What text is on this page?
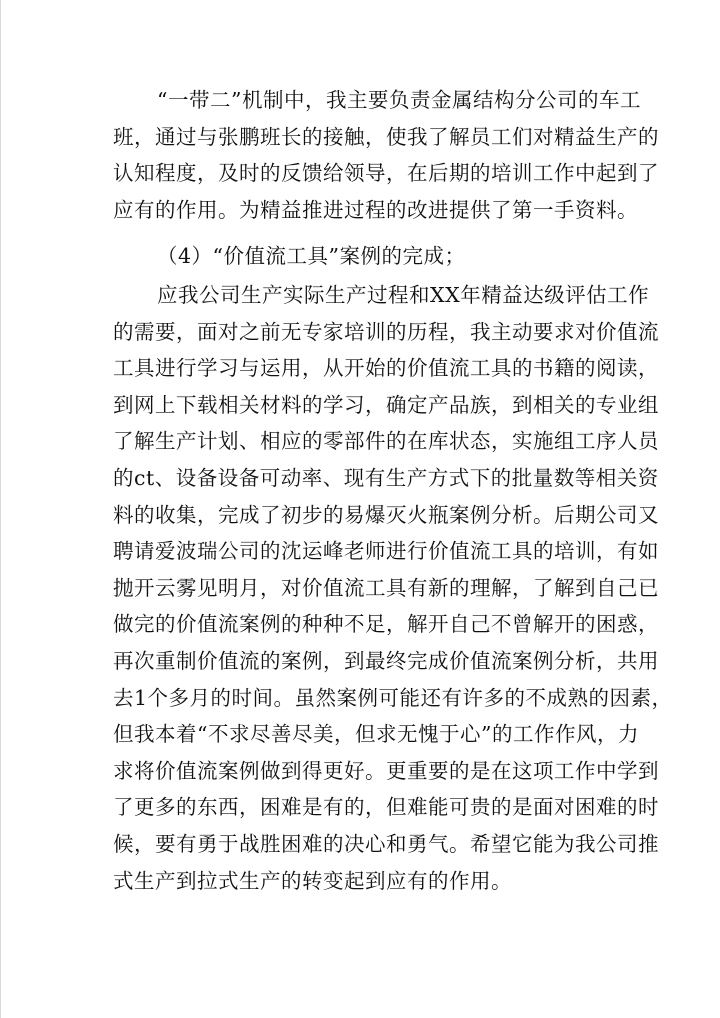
“一带二”机制中，我主要负责金属结构分公司的车工
班，通过与张鹏班长的接触，使我了解员工们对精益生产的
认知程度，及时的反馈给领导，在后期的培训工作中起到了
应有的作用。为精益推进过程的改进提供了第一手资料。
（4）“价值流工具”案例的完成；
应我公司生产实际生产过程和XX年精益达级评估工作
的需要，面对之前无专家培训的历程，我主动要求对价值流
工具进行学习与运用，从开始的价值流工具的书籍的阅读，
到网上下载相关材料的学习，确定产品族，到相关的专业组
了解生产计划、相应的零部件的在库状态，实施组工序人员
的ct、设备设备可动率、现有生产方式下的批量数等相关资
料的收集，完成了初步的易爆灭火瓶案例分析。后期公司又
聘请爱波瑞公司的沈运峰老师进行价值流工具的培训，有如
抛开云雾见明月，对价值流工具有新的理解，了解到自己已
做完的价值流案例的种种不足，解开自己不曾解开的困惑，
再次重制价值流的案例，到最终完成价值流案例分析，共用
去1个多月的时间。虽然案例可能还有许多的不成熟的因素，
但我本着“不求尽善尽美，但求无愧于心”的工作作风，力
求将价值流案例做到得更好。更重要的是在这项工作中学到
了更多的东西，困难是有的，但难能可贵的是面对困难的时
候，要有勇于战胜困难的决心和勇气。希望它能为我公司推
式生产到拉式生产的转变起到应有的作用。
